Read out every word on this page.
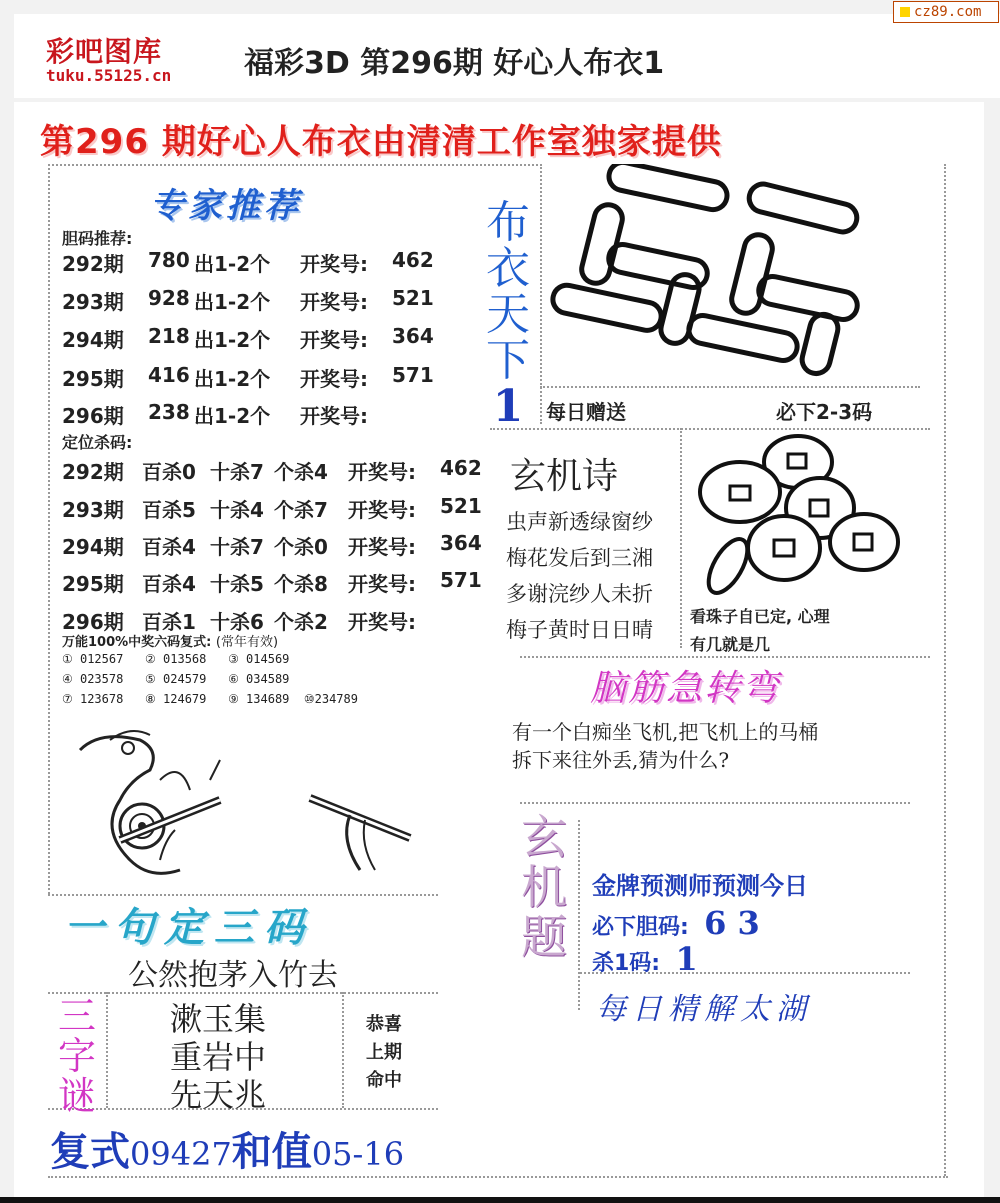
cz89.com
彩吧图库
tuku.55125.cn 福彩3D 第296期 好心人布衣1
第296 期好心人布衣由清清工作室独家提供
专家推荐
胆码推荐:
292期 780 出1-2个 开奖号: 462
293期 928 出1-2个 开奖号: 521
294期 218 出1-2个 开奖号: 364
295期 416 出1-2个 开奖号: 571
296期 238 出1-2个 开奖号:
定位杀码:
292期 百杀0 十杀7 个杀4 开奖号: 462
293期 百杀5 十杀4 个杀7 开奖号: 521
294期 百杀4 十杀7 个杀0 开奖号: 364
295期 百杀4 十杀5 个杀8 开奖号: 571
296期 百杀1 十杀6 个杀2 开奖号:
万能100%中奖六码复式: (常年有效)
① 012567 ② 013568 ③ 014569
④ 023578 ⑤ 024579 ⑥ 034589
⑦ 123678 ⑧ 124679 ⑨ 134689 ⑩234789
布
衣
天
下
1	每日赠送	必下2-3码
玄机诗
虫声新透绿窗纱
梅花发后到三湘
多谢浣纱人未折
梅子黄时日日晴
看珠子自已定, 心理
有几就是几
脑筋急转弯
有一个白痴坐飞机,把飞机上的马桶
拆下来往外丢,猜为什么?
玄
机
题
金牌预测师预测今日
必下胆码: 6 3
杀1码: 1
每日精解太湖
一句定三码
公然抱茅入竹去
三
字
谜
漱玉集
重岩中
先天兆
恭喜
上期
命中
复式09427和值05-16
